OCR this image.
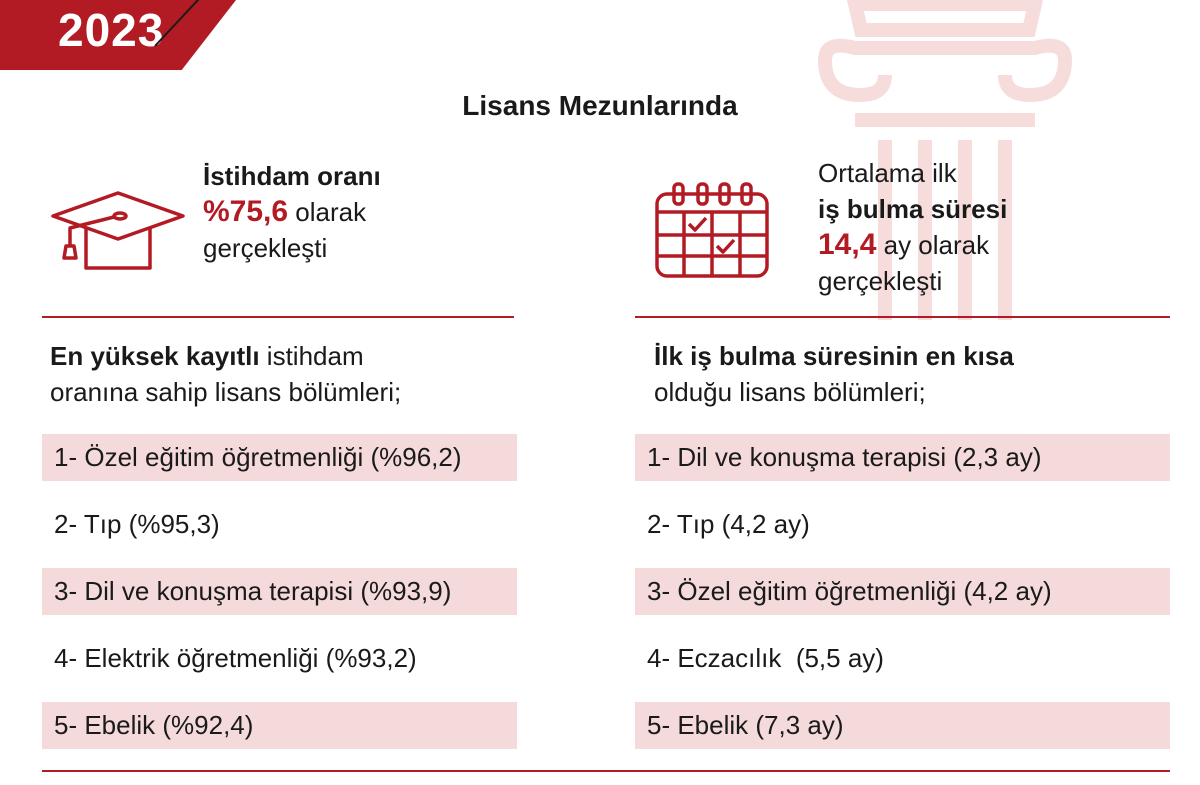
2023
Lisans Mezunlarında
İstihdam oranı
%75,6 olarak
gerçekleşti
Ortalama ilk
iş bulma süresi
14,4 ay olarak
gerçekleşti
En yüksek kayıtlı istihdam
oranına sahip lisans bölümleri;
1- Özel eğitim öğretmenliği (%96,2)
2- Tıp (%95,3)
3- Dil ve konuşma terapisi (%93,9)
4- Elektrik öğretmenliği (%93,2)
5- Ebelik (%92,4)
İlk iş bulma süresinin en kısa
olduğu lisans bölümleri;
1- Dil ve konuşma terapisi (2,3 ay)
2- Tıp (4,2 ay)
3- Özel eğitim öğretmenliği (4,2 ay)
4- Eczacılık  (5,5 ay)
5- Ebelik (7,3 ay)
